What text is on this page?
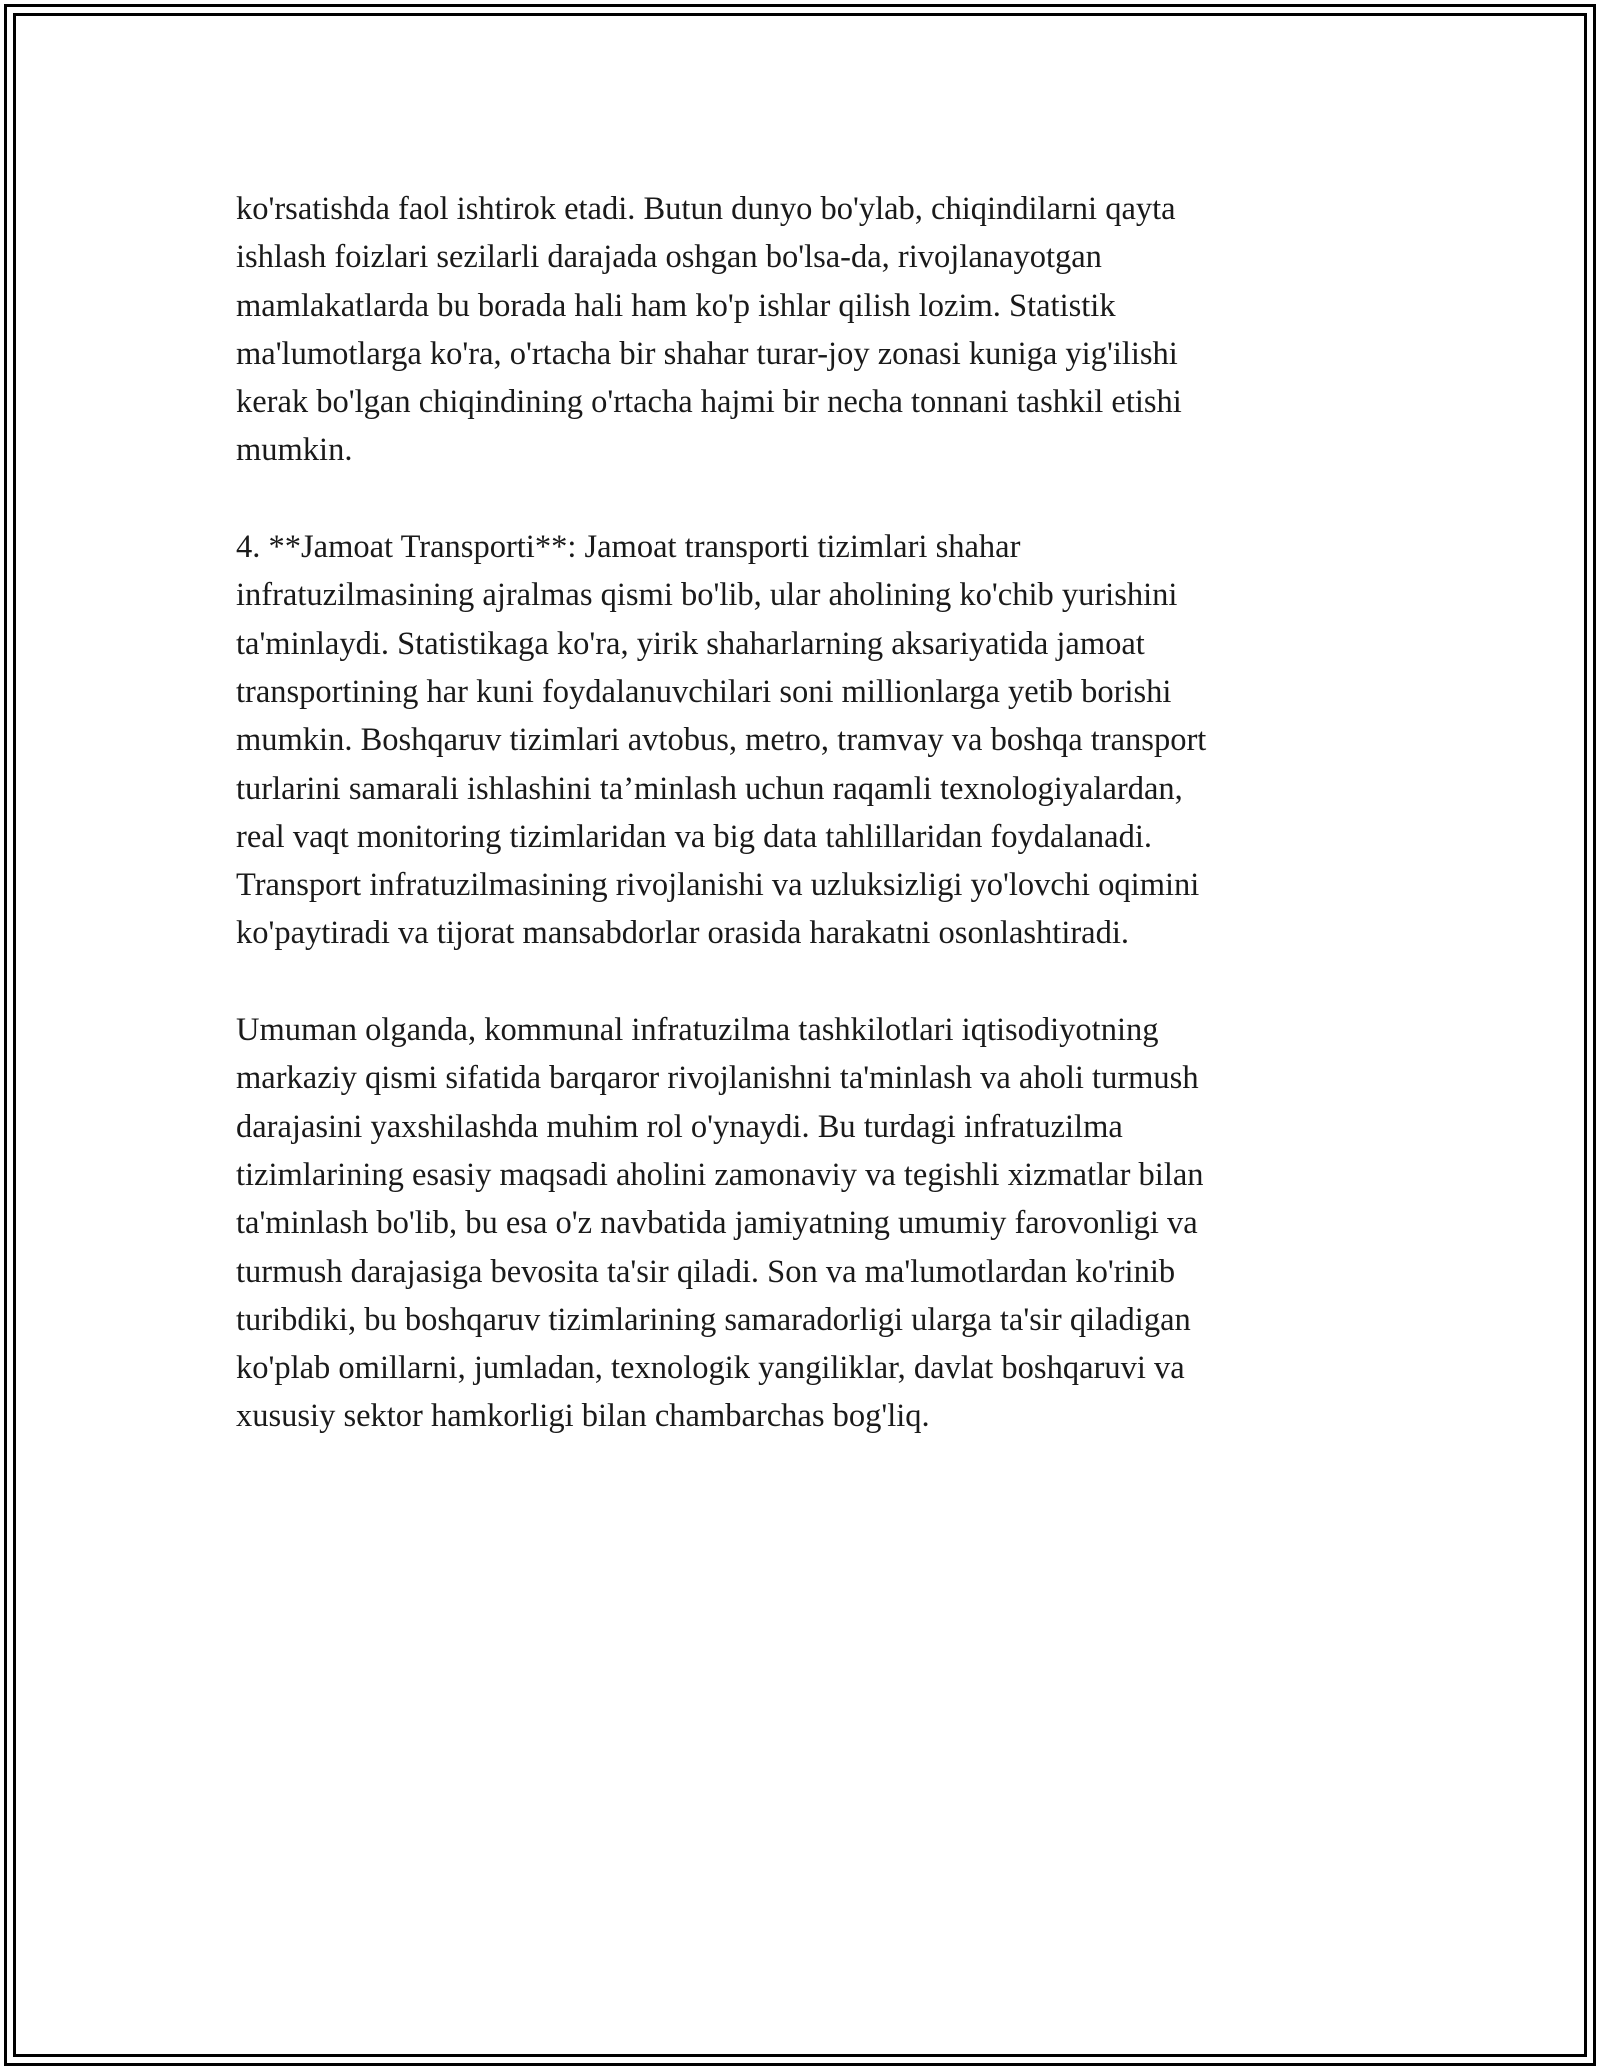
ko'rsatishda faol ishtirok etadi. Butun dunyo bo'ylab, chiqindilarni qayta
ishlash foizlari sezilarli darajada oshgan bo'lsa-da, rivojlanayotgan
mamlakatlarda bu borada hali ham ko'p ishlar qilish lozim. Statistik
ma'lumotlarga ko'ra, o'rtacha bir shahar turar-joy zonasi kuniga yig'ilishi
kerak bo'lgan chiqindining o'rtacha hajmi bir necha tonnani tashkil etishi
mumkin.

4. **Jamoat Transporti**: Jamoat transporti tizimlari shahar
infratuzilmasining ajralmas qismi bo'lib, ular aholining ko'chib yurishini
ta'minlaydi. Statistikaga ko'ra, yirik shaharlarning aksariyatida jamoat
transportining har kuni foydalanuvchilari soni millionlarga yetib borishi
mumkin. Boshqaruv tizimlari avtobus, metro, tramvay va boshqa transport
turlarini samarali ishlashini ta’minlash uchun raqamli texnologiyalardan,
real vaqt monitoring tizimlaridan va big data tahlillaridan foydalanadi.
Transport infratuzilmasining rivojlanishi va uzluksizligi yo'lovchi oqimini
ko'paytiradi va tijorat mansabdorlar orasida harakatni osonlashtiradi.

Umuman olganda, kommunal infratuzilma tashkilotlari iqtisodiyotning
markaziy qismi sifatida barqaror rivojlanishni ta'minlash va aholi turmush
darajasini yaxshilashda muhim rol o'ynaydi. Bu turdagi infratuzilma
tizimlarining esasiy maqsadi aholini zamonaviy va tegishli xizmatlar bilan
ta'minlash bo'lib, bu esa o'z navbatida jamiyatning umumiy farovonligi va
turmush darajasiga bevosita ta'sir qiladi. Son va ma'lumotlardan ko'rinib
turibdiki, bu boshqaruv tizimlarining samaradorligi ularga ta'sir qiladigan
ko'plab omillarni, jumladan, texnologik yangiliklar, davlat boshqaruvi va
xususiy sektor hamkorligi bilan chambarchas bog'liq.
